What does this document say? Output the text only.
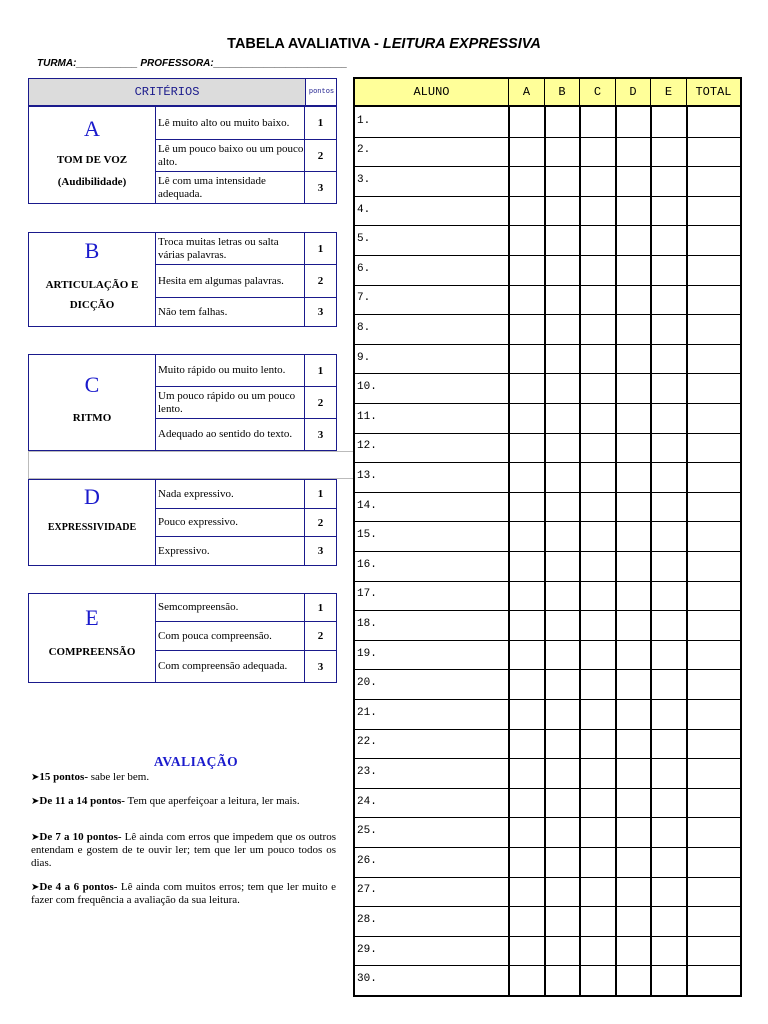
TABELA AVALIATIVA - LEITURA EXPRESSIVA
TURMA:___________ PROFESSORA:________________________
CRITÉRIOS	pontos
A
TOM DE VOZ
(Audibilidade)
Lê muito alto ou muito baixo.	1
Lê um pouco baixo ou um pouco alto.	2
Lê com uma intensidade adequada.	3
B
ARTICULAÇÃO E
DICÇÃO
Troca muitas letras ou salta várias palavras.	1
Hesita em algumas palavras.	2
Não tem falhas.	3
C
RITMO
Muito rápido ou muito lento.	1
Um pouco rápido ou um pouco lento.	2
Adequado ao sentido do texto.	3
D
EXPRESSIVIDADE
Nada expressivo.	1
Pouco expressivo.	2
Expressivo.	3
E
COMPREENSÃO
Semcompreensão.	1
Com pouca compreensão.	2
Com compreensão adequada.	3
ALUNO	A	B	C	D	E	TOTAL
1.
2.
3.
4.
5.
6.
7.
8.
9.
10.
11.
12.
13.
14.
15.
16.
17.
18.
19.
20.
21.
22.
23.
24.
25.
26.
27.
28.
29.
30.
AVALIAÇÃO
➤15 pontos- sabe ler bem.
➤De 11 a 14 pontos- Tem que aperfeiçoar a leitura, ler mais.
➤De 7 a 10 pontos- Lê ainda com erros que impedem que os outros entendam e gostem de te ouvir ler; tem que ler um pouco todos os dias.
➤De 4 a 6 pontos- Lê ainda com muitos erros; tem que ler muito e fazer com frequência a avaliação da sua leitura.
